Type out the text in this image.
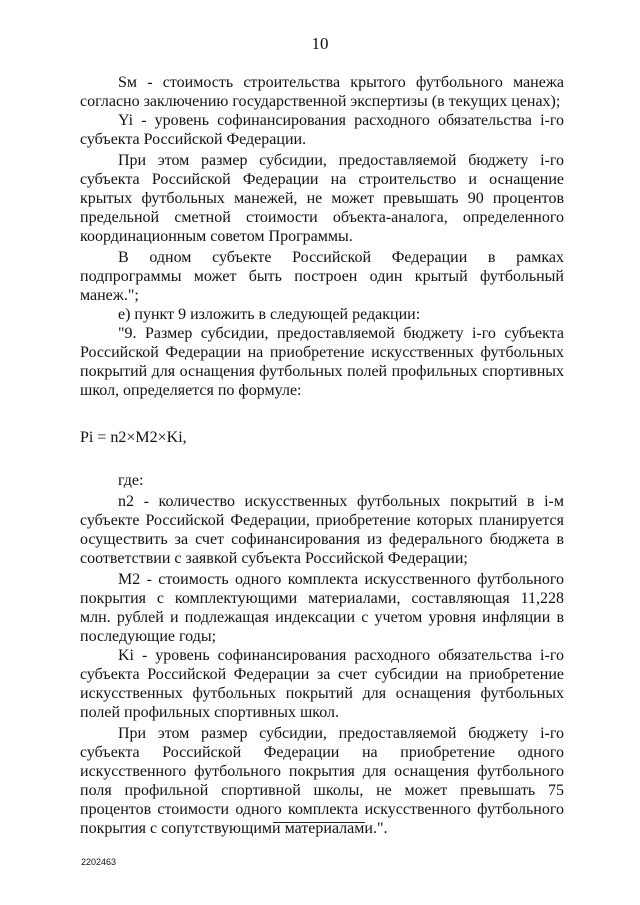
10

Sм - стоимость строительства крытого футбольного манежа согласно заключению государственной экспертизы (в текущих ценах);

Yi - уровень софинансирования расходного обязательства i-го субъекта Российской Федерации.

При этом размер субсидии, предоставляемой бюджету i-го субъекта Российской Федерации на строительство и оснащение крытых футбольных манежей, не может превышать 90 процентов предельной сметной стоимости объекта-аналога, определенного координационным советом Программы.

В одном субъекте Российской Федерации в рамках подпрограммы может быть построен один крытый футбольный манеж.";

е) пункт 9 изложить в следующей редакции:

"9. Размер субсидии, предоставляемой бюджету i-го субъекта Российской Федерации на приобретение искусственных футбольных покрытий для оснащения футбольных полей профильных спортивных школ, определяется по формуле:

Pi = n2×M2×Ki,

где:

n2 - количество искусственных футбольных покрытий в i-м субъекте Российской Федерации, приобретение которых планируется осуществить за счет софинансирования из федерального бюджета в соответствии с заявкой субъекта Российской Федерации;

M2 - стоимость одного комплекта искусственного футбольного покрытия с комплектующими материалами, составляющая 11,228 млн. рублей и подлежащая индексации с учетом уровня инфляции в последующие годы;

Ki - уровень софинансирования расходного обязательства i-го субъекта Российской Федерации за счет субсидии на приобретение искусственных футбольных покрытий для оснащения футбольных полей профильных спортивных школ.

При этом размер субсидии, предоставляемой бюджету i-го субъекта Российской Федерации на приобретение одного искусственного футбольного покрытия для оснащения футбольного поля профильной спортивной школы, не может превышать 75 процентов стоимости одного комплекта искусственного футбольного покрытия с сопутствующими материалами.".

2202463
